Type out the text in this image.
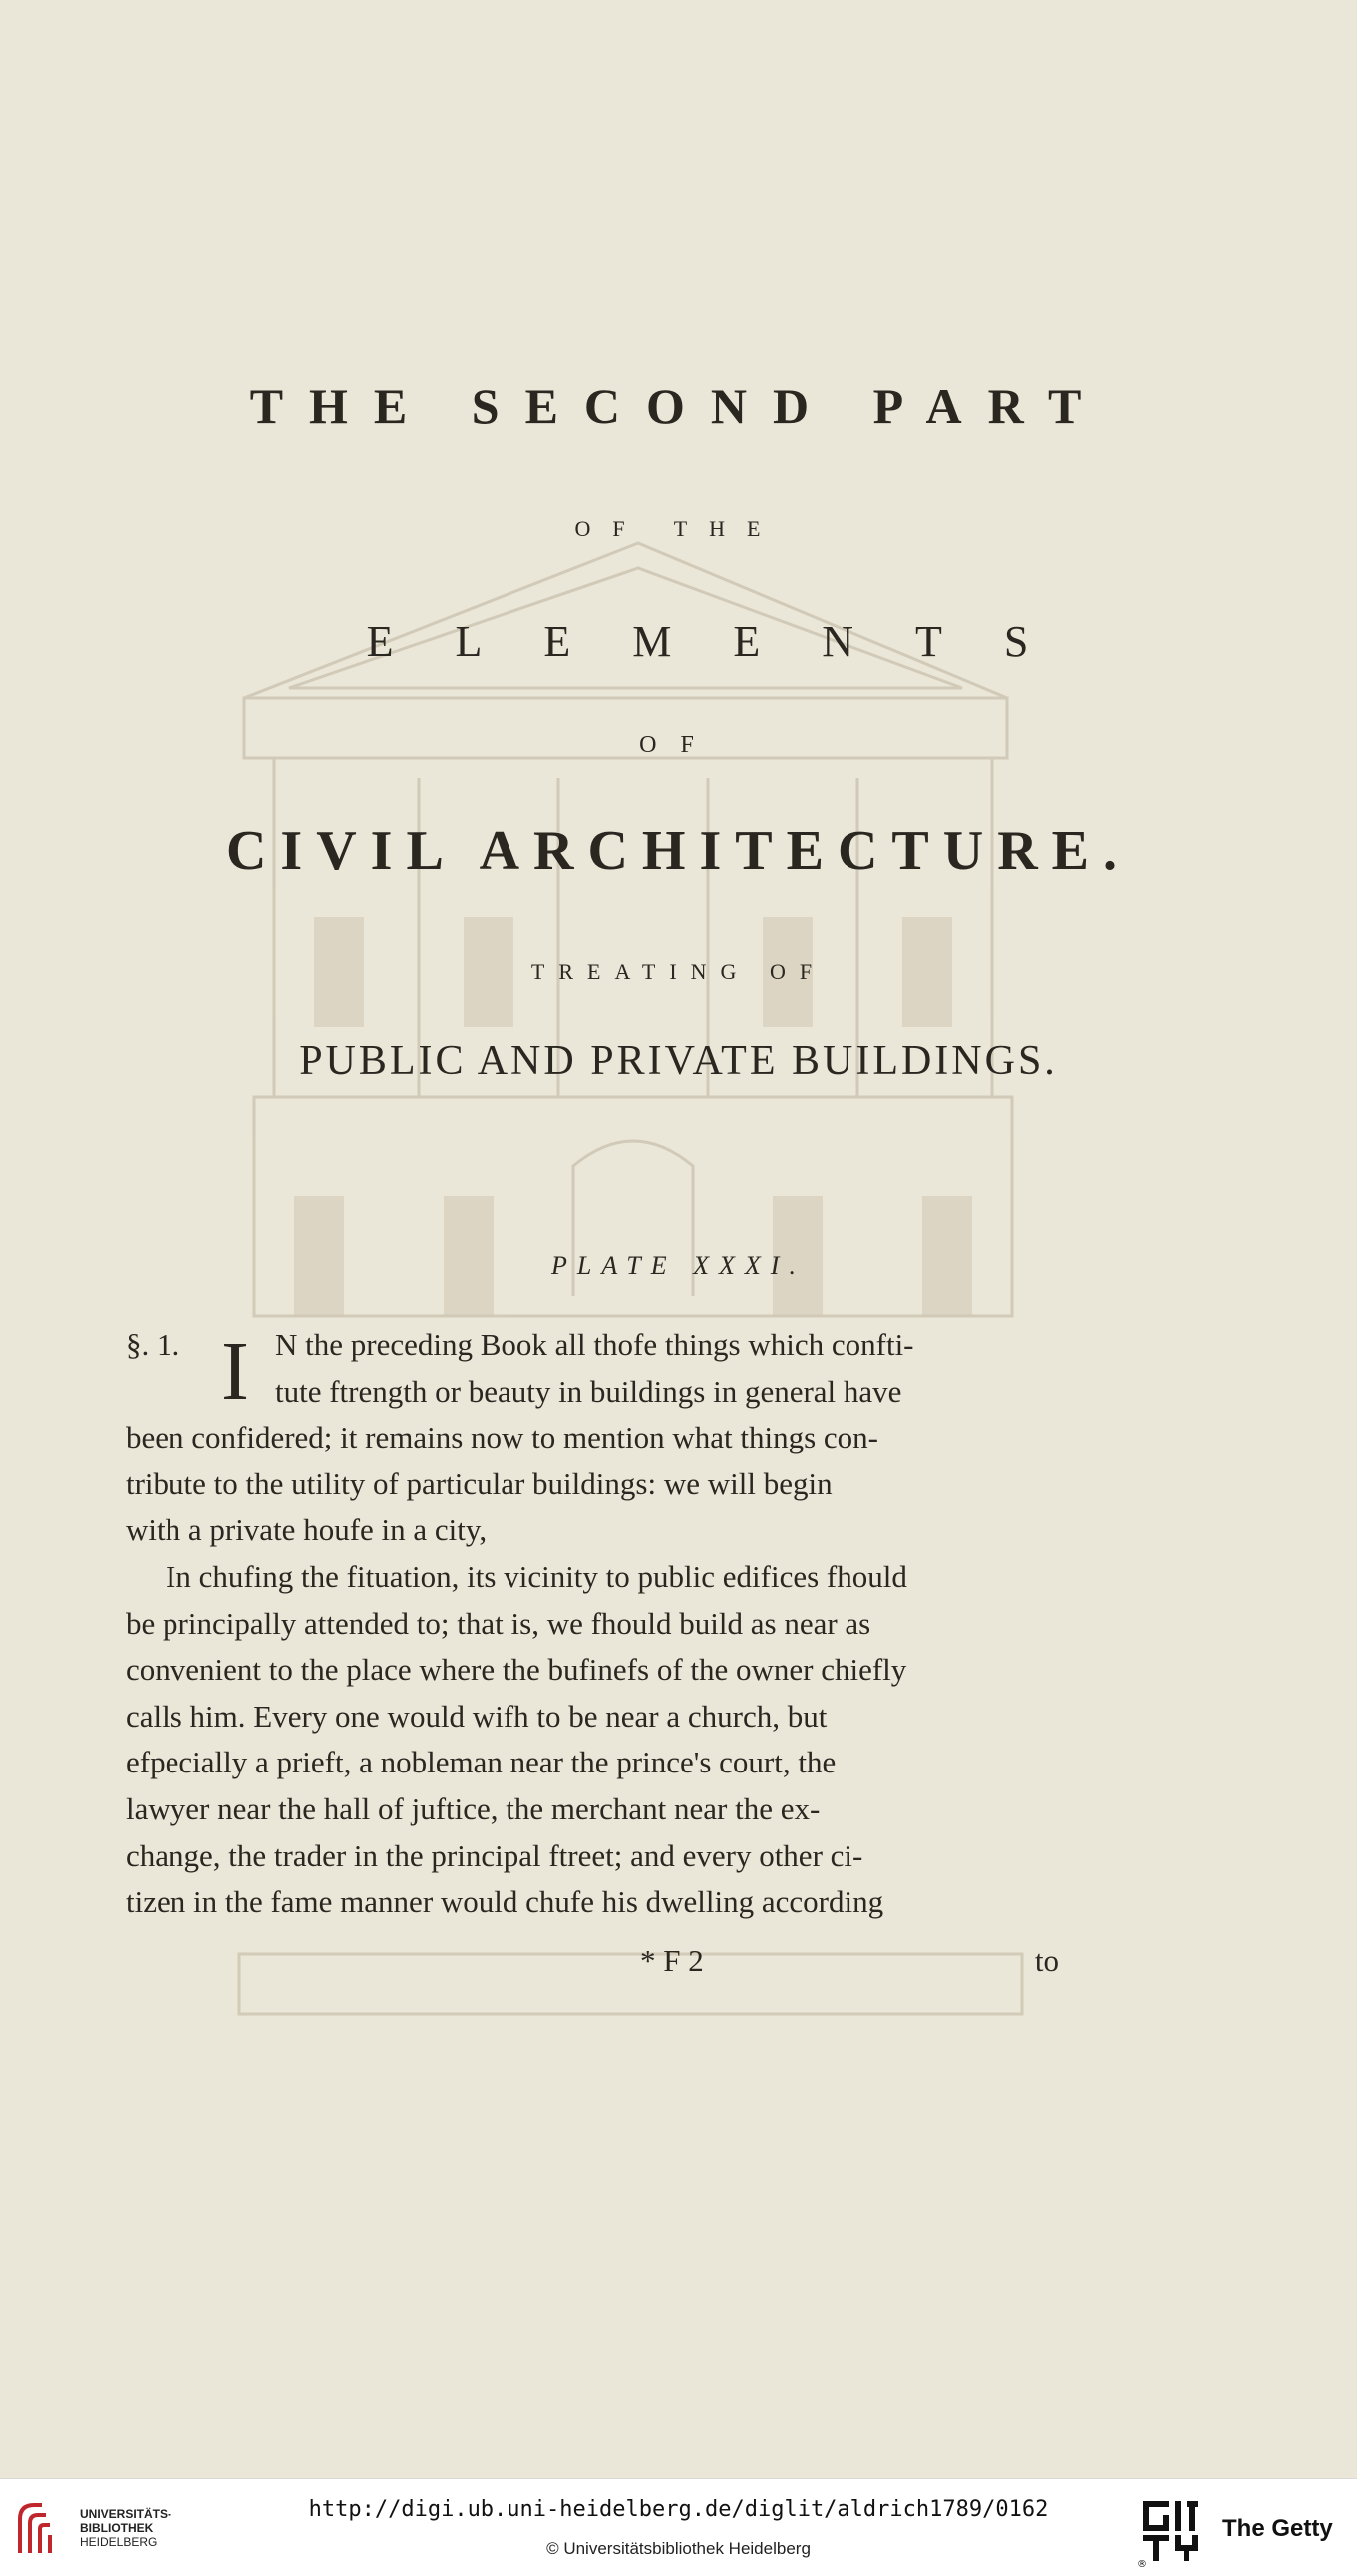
THE SECOND PART

OF THE

ELEMENTS

OF

CIVIL ARCHITECTURE.

TREATING OF

PUBLIC AND PRIVATE BUILDINGS.

PLATE XXXI.

§. 1. I N the preceding Book all thofe things which confti-
tute ftrength or beauty in buildings in general have
been confidered; it remains now to mention what things con-
tribute to the utility of particular buildings: we will begin
with a private houfe in a city,
In chufing the fituation, its vicinity to public edifices fhould
be principally attended to; that is, we fhould build as near as
convenient to the place where the bufinefs of the owner chiefly
calls him. Every one would wifh to be near a church, but
efpecially a prieft, a nobleman near the prince's court, the
lawyer near the hall of juftice, the merchant near the ex-
change, the trader in the principal ftreet; and every other ci-
tizen in the fame manner would chufe his dwelling according
* F 2	to
UNIVERSITÄTS-
BIBLIOTHEK
HEIDELBERG
http://digi.ub.uni-heidelberg.de/diglit/aldrich1789/0162
© Universitätsbibliothek Heidelberg
®
The Getty
